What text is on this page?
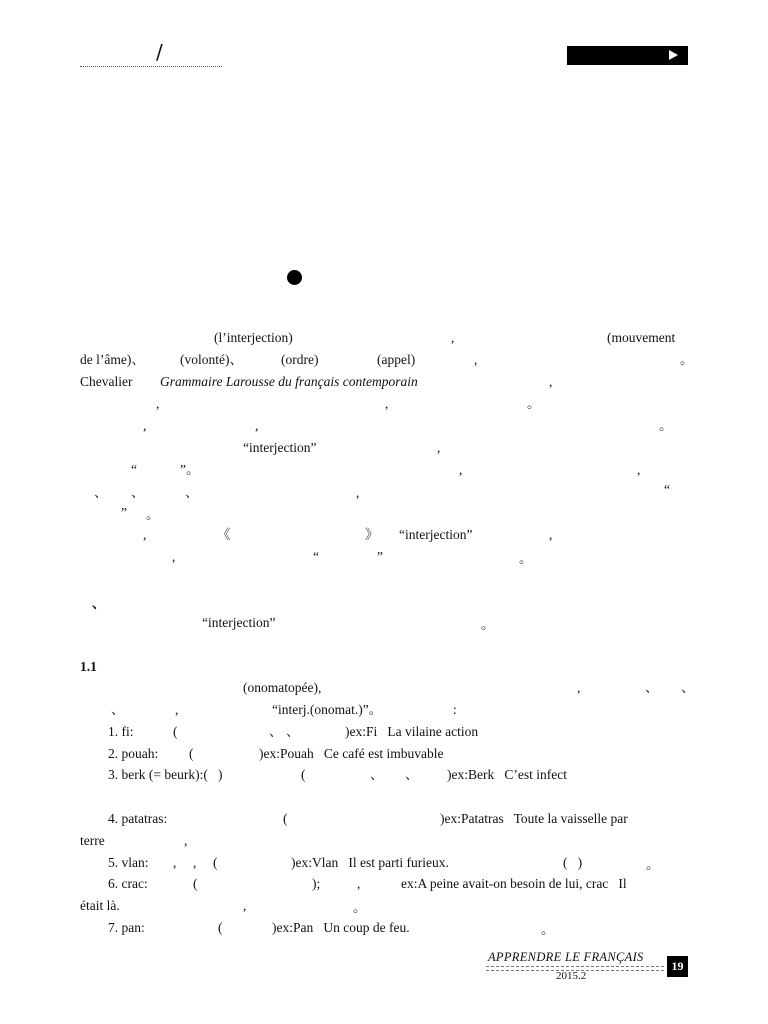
/
(l’interjection)	,	(mouvement
de l’âme)、	(volonté)、	(ordre)	(appel)	,	。
Chevalier Grammaire Larousse du français contemporain	,
,	,	。
,	,	。
“interjection”	,
“	”。	,	,
、 、	、	,	“
” 。
,	《	》 “interjection”	,
,	“	”	。
、
“interjection”	。
1.1
(onomatopée),	,	、 、
、	,	“interj.(onomat.)”。	:
1. fi:	(	、 、	)ex:Fi   La vilaine action
2. pouah: (	)ex:Pouah   Ce café est imbuvable
3. berk (= beurk):(   )	(	、 、 )ex:Berk   C’est infect
4. patatras:	(	)ex:Patatras   Toute la vaisselle par
terre	,
5. vlan: , , (	)ex:Vlan   Il est parti furieux.	(   )	。
6. crac:	(	);	,	ex:A peine avait-on besoin de lui, crac   Il
était là.	,	。
7. pan:	(	)ex:Pan   Un coup de feu.	。
APPRENDRE LE FRANÇAIS
2015.2
19
